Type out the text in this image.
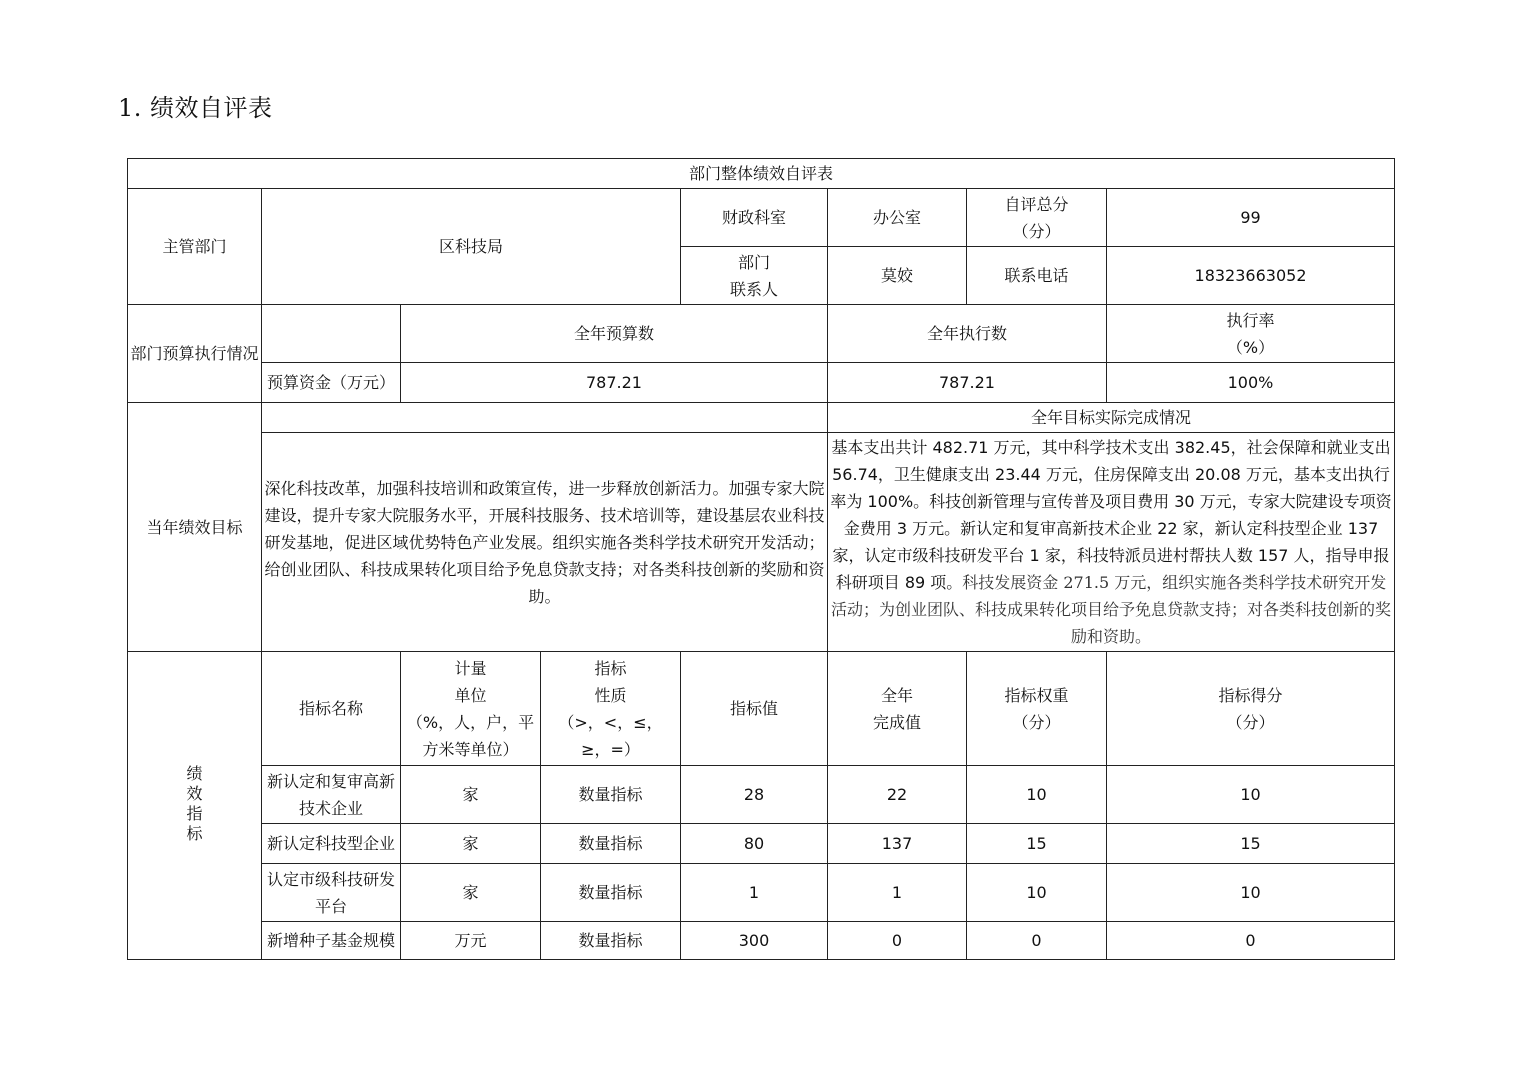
1. 绩效自评表
部门整体绩效自评表							
主管部门	区科技局			财政科室	办公室	自评总分
（分）	99

				部门
联系人	莫姣	联系电话	18323663052
部门预算执行情况		全年预算数			全年执行数		执行率
（%）

	预算资金（万元）	787.21			787.21		100%
当年绩效目标					全年目标实际完成情况		
	深化科技改革，加强科技培训和政策宣传，进一步释放创新活力。加强专家大院建设，提升专家大院服务水平，开展科技服务、技术培训等，建设基层农业科技研发基地，促进区域优势特色产业发展。组织实施各类科学技术研究开发活动；给创业团队、科技成果转化项目给予免息贷款支持；对各类科技创新的奖励和资助。				基本支出共计 482.71 万元，其中科学技术支出 382.45，社会保障和就业支出 56.74，卫生健康支出 23.44 万元，住房保障支出 20.08 万元，基本支出执行率为 100%。科技创新管理与宣传普及项目费用 30 万元，专家大院建设专项资金费用 3 万元。新认定和复审高新技术企业 22 家，新认定科技型企业 137 家，认定市级科技研发平台 1 家，科技特派员进村帮扶人数 157 人，指导申报科研项目 89 项。科技发展资金 271.5 万元，组织实施各类科学技术研究开发活动；为创业团队、科技成果转化项目给予免息贷款支持；对各类科技创新的奖励和资助。		
绩效指标	指标名称	计量
单位
（%，人，户，平
方米等单位）	指标
性质
（>，<，≤，
≥，=）	指标值	全年
完成值	指标权重
（分）	指标得分
（分）

	新认定和复审高新技术企业	家	数量指标	28	22	10	10
	新认定科技型企业	家	数量指标	80	137	15	15
	认定市级科技研发平台	家	数量指标	1	1	10	10
	新增种子基金规模	万元	数量指标	300	0	0	0
